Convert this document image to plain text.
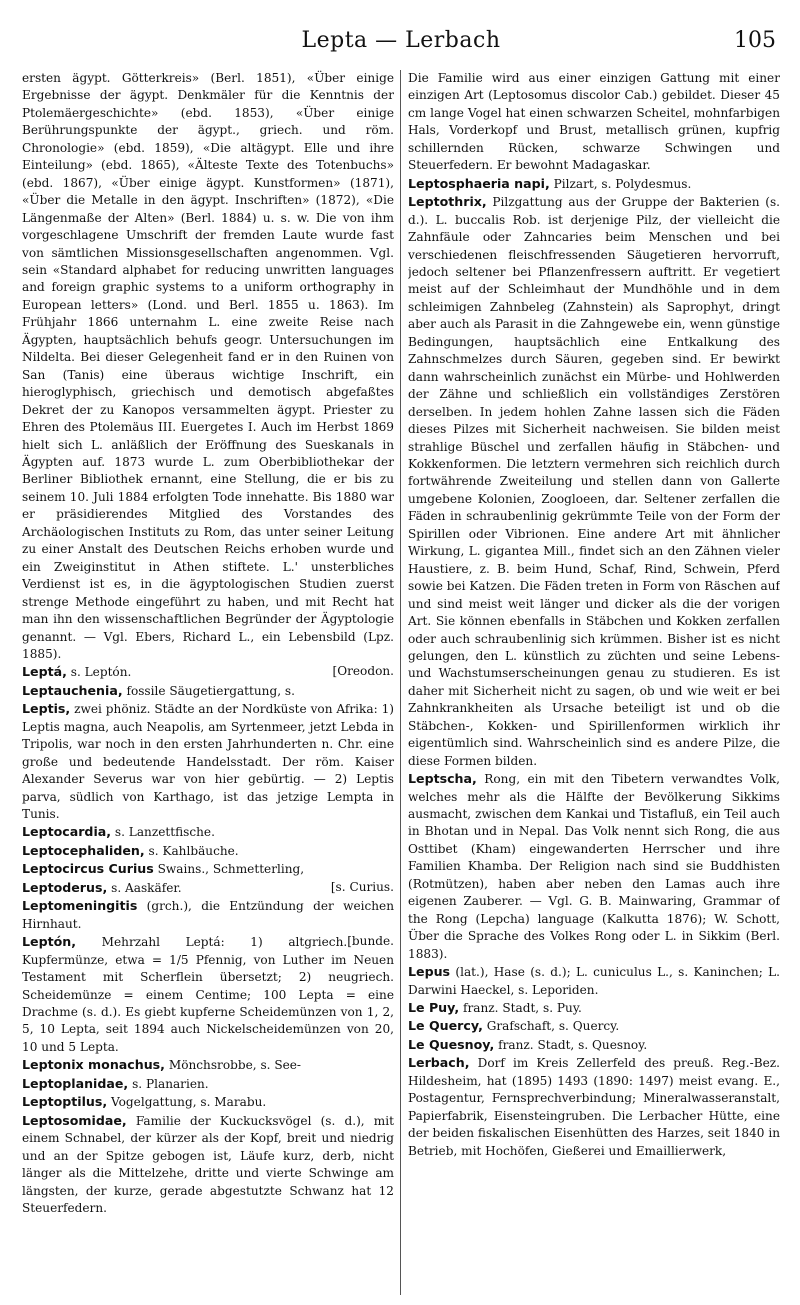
Lepta — Lerbach	105

ersten ägypt. Götterkreis» (Berl. 1851), «Über einige Ergebnisse der ägypt. Denkmäler für die Kenntnis der Ptolemäergeschichte» (ebd. 1853), «Über einige Berührungspunkte der ägypt., griech. und röm. Chronologie» (ebd. 1859), «Die altägypt. Elle und ihre Einteilung» (ebd. 1865), «Älteste Texte des Totenbuchs» (ebd. 1867), «Über einige ägypt. Kunstformen» (1871), «Über die Metalle in den ägypt. Inschriften» (1872), «Die Längenmaße der Alten» (Berl. 1884) u. s. w. Die von ihm vorgeschlagene Umschrift der fremden Laute wurde fast von sämtlichen Missionsgesellschaften angenommen. Vgl. sein «Standard alphabet for reducing unwritten languages and foreign graphic systems to a uniform orthography in European letters» (Lond. und Berl. 1855 u. 1863). Im Frühjahr 1866 unternahm L. eine zweite Reise nach Ägypten, hauptsächlich behufs geogr. Untersuchungen im Nildelta. Bei dieser Gelegenheit fand er in den Ruinen von San (Tanis) eine überaus wichtige Inschrift, ein hieroglyphisch, griechisch und demotisch abgefaßtes Dekret der zu Kanopos versammelten ägypt. Priester zu Ehren des Ptolemäus III. Euergetes I. Auch im Herbst 1869 hielt sich L. anläßlich der Eröffnung des Sueskanals in Ägypten auf. 1873 wurde L. zum Oberbibliothekar der Berliner Bibliothek ernannt, eine Stellung, die er bis zu seinem 10. Juli 1884 erfolgten Tode innehatte. Bis 1880 war er präsidierendes Mitglied des Vorstandes des Archäologischen Instituts zu Rom, das unter seiner Leitung zu einer Anstalt des Deutschen Reichs erhoben wurde und ein Zweiginstitut in Athen stiftete. L.' unsterbliches Verdienst ist es, in die ägyptologischen Studien zuerst strenge Methode eingeführt zu haben, und mit Recht hat man ihn den wissenschaftlichen Begründer der Ägyptologie genannt. — Vgl. Ebers, Richard L., ein Lebensbild (Lpz. 1885).

[Oreodon.
Leptá, s. Leptón.

Leptauchenia, fossile Säugetiergattung, s.

Leptis, zwei phöniz. Städte an der Nordküste von Afrika: 1) Leptis magna, auch Neapolis, am Syrtenmeer, jetzt Lebda in Tripolis, war noch in den ersten Jahrhunderten n. Chr. eine große und bedeutende Handelsstadt. Der röm. Kaiser Alexander Severus war von hier gebürtig. — 2) Leptis parva, südlich von Karthago, ist das jetzige Lempta in Tunis.

Leptocardia, s. Lanzettfische.

Leptocephaliden, s. Kahlbäuche.

Leptocircus Curius Swains., Schmetterling,

[s. Curius.
Leptoderus, s. Aaskäfer.

Leptomeningitis (grch.), die Entzündung der weichen Hirnhaut.

[bunde.
Leptón, Mehrzahl Leptá: 1) altgriech. Kupfermünze, etwa = 1/5 Pfennig, von Luther im Neuen Testament mit Scherflein übersetzt; 2) neugriech. Scheidemünze = einem Centime; 100 Lepta = eine Drachme (s. d.). Es giebt kupferne Scheidemünzen von 1, 2, 5, 10 Lepta, seit 1894 auch Nickelscheidemünzen von 20, 10 und 5 Lepta.

Leptonix monachus, Mönchsrobbe, s. See-

Leptoplanidae, s. Planarien.

Leptoptilus, Vogelgattung, s. Marabu.

Leptosomidae, Familie der Kuckucksvögel (s. d.), mit einem Schnabel, der kürzer als der Kopf, breit und niedrig und an der Spitze gebogen ist, Läufe kurz, derb, nicht länger als die Mittelzehe, dritte und vierte Schwinge am längsten, der kurze, gerade abgestutzte Schwanz hat 12 Steuerfedern.

Die Familie wird aus einer einzigen Gattung mit einer einzigen Art (Leptosomus discolor Cab.) gebildet. Dieser 45 cm lange Vogel hat einen schwarzen Scheitel, mohnfarbigen Hals, Vorderkopf und Brust, metallisch grünen, kupfrig schillernden Rücken, schwarze Schwingen und Steuerfedern. Er bewohnt Madagaskar.

Leptosphaeria napi, Pilzart, s. Polydesmus.

Leptothrix, Pilzgattung aus der Gruppe der Bakterien (s. d.). L. buccalis Rob. ist derjenige Pilz, der vielleicht die Zahnfäule oder Zahncaries beim Menschen und bei verschiedenen fleischfressenden Säugetieren hervorruft, jedoch seltener bei Pflanzenfressern auftritt. Er vegetiert meist auf der Schleimhaut der Mundhöhle und in dem schleimigen Zahnbeleg (Zahnstein) als Saprophyt, dringt aber auch als Parasit in die Zahngewebe ein, wenn günstige Bedingungen, hauptsächlich eine Entkalkung des Zahnschmelzes durch Säuren, gegeben sind. Er bewirkt dann wahrscheinlich zunächst ein Mürbe- und Hohlwerden der Zähne und schließlich ein vollständiges Zerstören derselben. In jedem hohlen Zahne lassen sich die Fäden dieses Pilzes mit Sicherheit nachweisen. Sie bilden meist strahlige Büschel und zerfallen häufig in Stäbchen- und Kokkenformen. Die letztern vermehren sich reichlich durch fortwährende Zweiteilung und stellen dann von Gallerte umgebene Kolonien, Zoogloeen, dar. Seltener zerfallen die Fäden in schraubenlinig gekrümmte Teile von der Form der Spirillen oder Vibrionen. Eine andere Art mit ähnlicher Wirkung, L. gigantea Mill., findet sich an den Zähnen vieler Haustiere, z. B. beim Hund, Schaf, Rind, Schwein, Pferd sowie bei Katzen. Die Fäden treten in Form von Räschen auf und sind meist weit länger und dicker als die der vorigen Art. Sie können ebenfalls in Stäbchen und Kokken zerfallen oder auch schraubenlinig sich krümmen. Bisher ist es nicht gelungen, den L. künstlich zu züchten und seine Lebens- und Wachstumserscheinungen genau zu studieren. Es ist daher mit Sicherheit nicht zu sagen, ob und wie weit er bei Zahnkrankheiten als Ursache beteiligt ist und ob die Stäbchen-, Kokken- und Spirillenformen wirklich ihr eigentümlich sind. Wahrscheinlich sind es andere Pilze, die diese Formen bilden.

Leptscha, Rong, ein mit den Tibetern verwandtes Volk, welches mehr als die Hälfte der Bevölkerung Sikkims ausmacht, zwischen dem Kankai und Tistafluß, ein Teil auch in Bhotan und in Nepal. Das Volk nennt sich Rong, die aus Osttibet (Kham) eingewanderten Herrscher und ihre Familien Khamba. Der Religion nach sind sie Buddhisten (Rotmützen), haben aber neben den Lamas auch ihre eigenen Zauberer. — Vgl. G. B. Mainwaring, Grammar of the Rong (Lepcha) language (Kalkutta 1876); W. Schott, Über die Sprache des Volkes Rong oder L. in Sikkim (Berl. 1883).

Lepus (lat.), Hase (s. d.); L. cuniculus L., s. Kaninchen; L. Darwini Haeckel, s. Leporiden.

Le Puy, franz. Stadt, s. Puy.

Le Quercy, Grafschaft, s. Quercy.

Le Quesnoy, franz. Stadt, s. Quesnoy.

Lerbach, Dorf im Kreis Zellerfeld des preuß. Reg.-Bez. Hildesheim, hat (1895) 1493 (1890: 1497) meist evang. E., Postagentur, Fernsprechverbindung; Mineralwasseranstalt, Papierfabrik, Eisensteingruben. Die Lerbacher Hütte, eine der beiden fiskalischen Eisenhütten des Harzes, seit 1840 in Betrieb, mit Hochöfen, Gießerei und Emaillierwerk,
